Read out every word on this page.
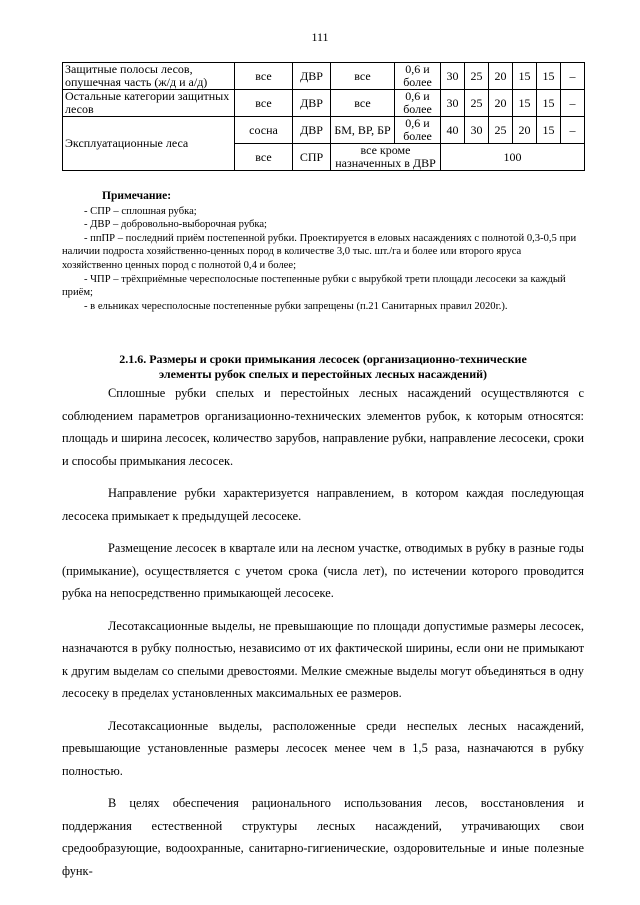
111
Защитные полосы лесов, опушечная часть (ж/д и а/д)	все	ДВР	все	0,6 и более	30	25	20	15	15	–
Остальные категории защитных лесов	все	ДВР	все	0,6 и более	30	25	20	15	15	–
Эксплуатационные леса	сосна	ДВР	БМ, ВР, БР	0,6 и более	40	30	25	20	15	–
	все	СПР	все кроме назначенных в ДВР		100					
Примечание:

- СПР – сплошная рубка;

- ДВР – добровольно-выборочная рубка;

- ппПР – последний приём постепенной рубки. Проектируется в еловых насаждениях с полнотой 0,3-0,5 при наличии подроста хозяйственно-ценных пород в количестве 3,0 тыс. шт./га и более или второго яруса хозяйственно ценных пород с полнотой 0,4 и более;

- ЧПР – трёхприёмные чересполосные постепенные рубки с вырубкой трети площади лесосеки за каждый приём;

- в ельниках чересполосные постепенные рубки запрещены (п.21 Санитарных правил 2020г.).

2.1.6. Размеры и сроки примыкания лесосек (организационно-технические
элементы рубок спелых и перестойных лесных насаждений)

Сплошные рубки спелых и перестойных лесных насаждений осуществляются с соблюдением параметров организационно-технических элементов рубок, к которым относятся: площадь и ширина лесосек, количество зарубов, направление рубки, направление лесосеки, сроки и способы примыкания лесосек.

Направление рубки характеризуется направлением, в котором каждая последующая лесосека примыкает к предыдущей лесосеке.

Размещение лесосек в квартале или на лесном участке, отводимых в рубку в разные годы (примыкание), осуществляется с учетом срока (числа лет), по истечении которого проводится рубка на непосредственно примыкающей лесосеке.

Лесотаксационные выделы, не превышающие по площади допустимые размеры лесосек, назначаются в рубку полностью, независимо от их фактической ширины, если они не примыкают к другим выделам со спелыми древостоями. Мелкие смежные выделы могут объединяться в одну лесосеку в пределах установленных максимальных ее размеров.

Лесотаксационные выделы, расположенные среди неспелых лесных насаждений, превышающие установленные размеры лесосек менее чем в 1,5 раза, назначаются в рубку полностью.

В целях обеспечения рационального использования лесов, восстановления и поддержания естественной структуры лесных насаждений, утрачивающих свои средообразующие, водоохранные, санитарно-гигиенические, оздоровительные и иные полезные функ-
